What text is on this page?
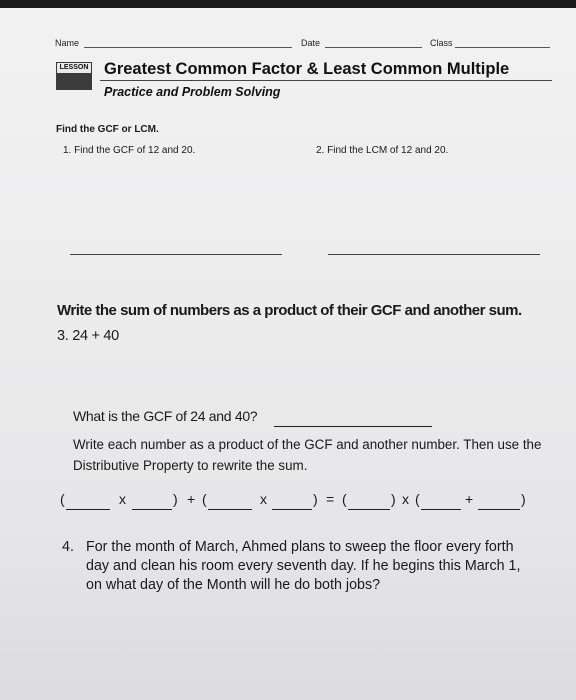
Name	Date	Class
LESSON Greatest Common Factor & Least Common Multiple
Practice and Problem Solving
Find the GCF or LCM.
1. Find the GCF of 12 and 20.	2. Find the LCM of 12 and 20.
Write the sum of numbers as a product of their GCF and another sum.
3. 24 + 40
What is the GCF of 24 and 40?
Write each number as a product of the GCF and another number. Then use the Distributive Property to rewrite the sum.
(	x	) + (	x	) = (	) x (	+	)
4. For the month of March, Ahmed plans to sweep the floor every forth day and clean his room every seventh day. If he begins this March 1, on what day of the Month will he do both jobs?
